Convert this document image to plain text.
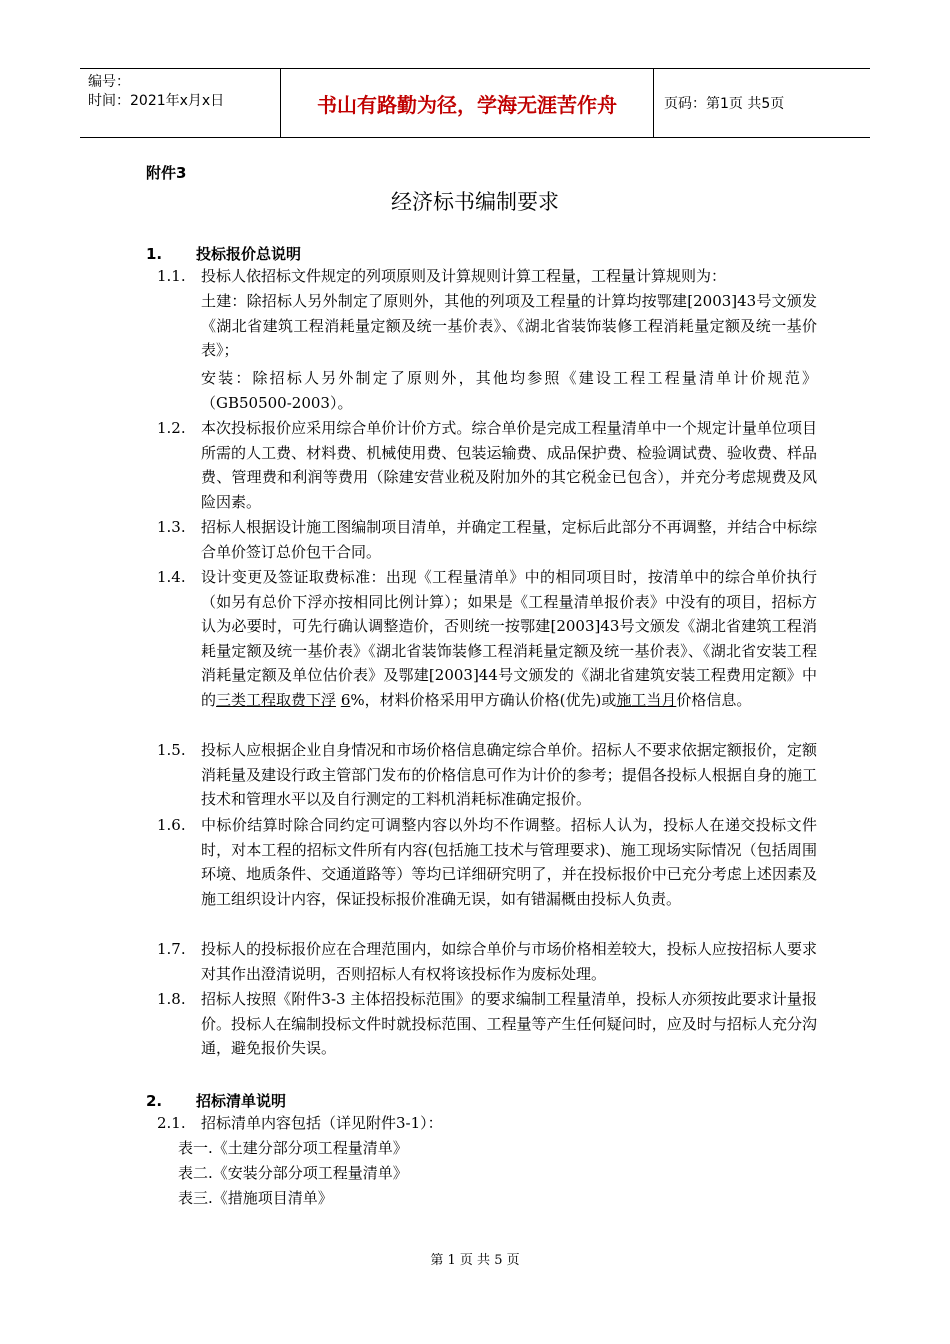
编号：
时间：2021年x月x日	书山有路勤为径，学海无涯苦作舟	页码：第1页 共5页
附件3
经济标书编制要求
1. 投标报价总说明
1.1.	投标人依招标文件规定的列项原则及计算规则计算工程量，工程量计算规则为：
土建：除招标人另外制定了原则外，其他的列项及工程量的计算均按鄂建[2003]43号文颁发《湖北省建筑工程消耗量定额及统一基价表》、《湖北省装饰装修工程消耗量定额及统一基价表》；
安装：除招标人另外制定了原则外，其他均参照《建设工程工程量清单计价规范》（GB50500-2003）。
1.2.	本次投标报价应采用综合单价计价方式。综合单价是完成工程量清单中一个规定计量单位项目所需的人工费、材料费、机械使用费、包装运输费、成品保护费、检验调试费、验收费、样品费、管理费和利润等费用（除建安营业税及附加外的其它税金已包含），并充分考虑规费及风险因素。
1.3.	招标人根据设计施工图编制项目清单，并确定工程量，定标后此部分不再调整，并结合中标综合单价签订总价包干合同。
1.4.	设计变更及签证取费标准：出现《工程量清单》中的相同项目时，按清单中的综合单价执行（如另有总价下浮亦按相同比例计算）；如果是《工程量清单报价表》中没有的项目，招标方认为必要时，可先行确认调整造价，否则统一按鄂建[2003]43号文颁发《湖北省建筑工程消耗量定额及统一基价表》《湖北省装饰装修工程消耗量定额及统一基价表》、《湖北省安装工程消耗量定额及单位估价表》及鄂建[2003]44号文颁发的《湖北省建筑安装工程费用定额》中的三类工程取费下浮 6%，材料价格采用甲方确认价格(优先)或施工当月价格信息。
1.5.	投标人应根据企业自身情况和市场价格信息确定综合单价。招标人不要求依据定额报价，定额消耗量及建设行政主管部门发布的价格信息可作为计价的参考；提倡各投标人根据自身的施工技术和管理水平以及自行测定的工料机消耗标准确定报价。
1.6.	中标价结算时除合同约定可调整内容以外均不作调整。招标人认为，投标人在递交投标文件时，对本工程的招标文件所有内容(包括施工技术与管理要求)、施工现场实际情况（包括周围环境、地质条件、交通道路等）等均已详细研究明了，并在投标报价中已充分考虑上述因素及施工组织设计内容，保证投标报价准确无误，如有错漏概由投标人负责。
1.7.	投标人的投标报价应在合理范围内，如综合单价与市场价格相差较大，投标人应按招标人要求对其作出澄清说明，否则招标人有权将该投标作为废标处理。
1.8.	招标人按照《附件3-3 主体招投标范围》的要求编制工程量清单，投标人亦须按此要求计量报价。投标人在编制投标文件时就投标范围、工程量等产生任何疑问时，应及时与招标人充分沟通，避免报价失误。
2. 招标清单说明
2.1.	招标清单内容包括（详见附件3-1）：
表一.《土建分部分项工程量清单》
表二.《安装分部分项工程量清单》
表三.《措施项目清单》
第 1 页 共 5 页
